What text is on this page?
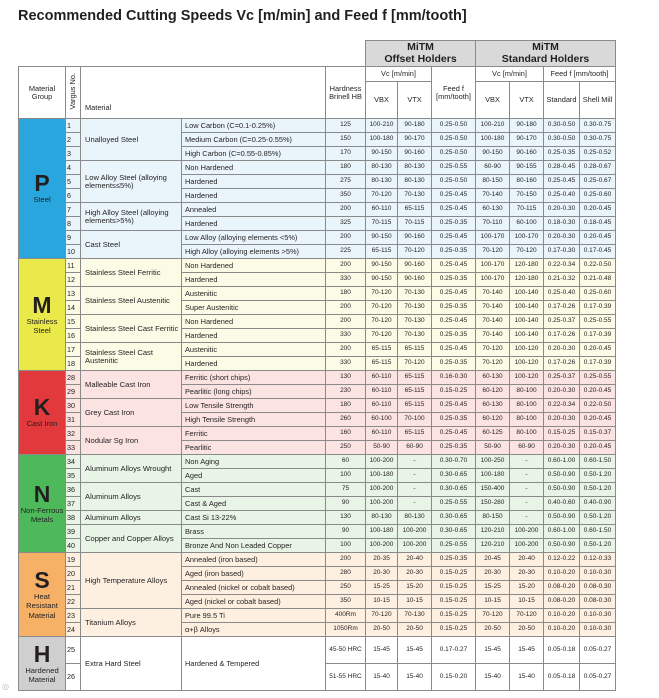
Recommended Cutting Speeds Vc [m/min] and Feed f [mm/tooth]
					MiTM
Offset Holders			MiTM
Standard Holders			
Material Group	Vargus No.	Material		Hardness Brinell HB	Vc [m/min]		Feed f
[mm/tooth]	Vc [m/min]		Feed f [mm/tooth]	
					VBX	VTX		VBX	VTX	Standard	Shell Mill

P
Steel	1	Unalloyed Steel	Low Carbon (C=0.1-0.25%)	125	100-210	90-180	0.25-0.50	100-210	90-180	0.30-0.50	0.30-0.75
	2		Medium Carbon (C=0.25-0.55%)	150	100-180	90-170	0.25-0.50	100-180	90-170	0.30-0.50	0.30-0.75
	3		High Carbon (C=0.55-0.85%)	170	90-150	90-160	0.25-0.50	90-150	90-160	0.25-0.35	0.25-0.52
	4	Low Alloy Steel (alloying elements≤5%)	Non Hardened	180	80-130	80-130	0.25-0.55	60-90	90-155	0.28-0.45	0.28-0.67
	5		Hardened	275	80-130	80-130	0.25-0.50	80-150	80-160	0.25-0.45	0.25-0.67
	6		Hardened	350	70-120	70-130	0.25-0.45	70-140	70-150	0.25-0.40	0.25-0.60
	7	High Alloy Steel (alloying elements>5%)	Annealed	200	60-110	65-115	0.25-0.45	60-130	70-115	0.20-0.30	0.20-0.45
	8		Hardened	325	70-115	70-115	0.25-0.35	70-110	60-100	0.18-0.30	0.18-0.45
	9	Cast Steel	Low Alloy (alloying elements <5%)	200	90-150	90-160	0.25-0.45	100-170	100-170	0.20-0.30	0.20-0.45
	10		High Alloy (alloying elements >5%)	225	65-115	70-120	0.25-0.35	70-120	70-120	0.17-0.30	0.17-0.45

M
Stainless Steel	11	Stainless Steel Ferritic	Non Hardened	200	90-150	90-160	0.25-0.45	100-170	120-180	0.22-0.34	0.22-0.50
	12		Hardened	330	90-150	90-160	0.25-0.35	100-170	120-180	0.21-0.32	0.21-0.48
	13	Stainless Steel Austenitic	Austenitic	180	70-120	70-130	0.25-0.45	70-140	100-140	0.25-0.40	0.25-0.60
	14		Super Austenitic	200	70-120	70-130	0.25-0.35	70-140	100-140	0.17-0.26	0.17-0.39
	15	Stainless Steel Cast Ferritic	Non Hardened	200	70-120	70-130	0.25-0.45	70-140	100-140	0.25-0.37	0.25-0.55
	16		Hardened	330	70-120	70-130	0.25-0.35	70-140	100-140	0.17-0.26	0.17-0.39
	17	Stainless Steel Cast Austenitic	Austenitic	200	65-115	65-115	0.25-0.45	70-120	100-120	0.20-0.30	0.20-0.45
	18		Hardened	330	65-115	70-120	0.25-0.35	70-120	100-120	0.17-0.26	0.17-0.39

K
Cast Iron	28	Malleable Cast Iron	Ferritic (short chips)	130	60-110	65-115	0.16-0.30	60-130	100-120	0.25-0.37	0.25-0.55
	29		Pearlitic (long chips)	230	60-110	65-115	0.15-0.25	60-120	80-100	0.20-0.30	0.20-0.45
	30	Grey Cast Iron	Low Tensile Strength	180	60-110	65-115	0.25-0.45	60-130	80-100	0.22-0.34	0.22-0.50
	31		High Tensile Strength	260	60-100	70-100	0.25-0.35	60-120	80-100	0.20-0.30	0.20-0.45
	32	Nodular Sg Iron	Ferritic	160	60-110	65-115	0.25-0.45	60-125	80-100	0.15-0.25	0.15-0.37
	33		Pearlitic	250	50-90	60-90	0.25-0.35	50-90	60-90	0.20-0.30	0.20-0.45

N
Non-Ferrous Metals	34	Aluminum Alloys Wrought	Non Aging	60	100-200	-	0.30-0.70	100-250	-	0.60-1.00	0.60-1.50
	35		Aged	100	100-180	-	0.30-0.65	100-180	-	0.50-0.90	0.50-1.20
	36	Aluminum Alloys	Cast	75	100-200	-	0.30-0.65	150-400	-	0.50-0.90	0.50-1.20
	37		Cast & Aged	90	100-200	-	0.25-0.55	150-280	-	0.40-0.60	0.40-0.90
	38	Aluminum Alloys	Cast Si 13-22%	130	80-130	80-130	0.30-0.65	80-150	-	0.50-0.90	0.50-1.20
	39	Copper and Copper Alloys	Brass	90	100-180	100-200	0.30-0.65	120-210	100-200	0.60-1.00	0.60-1.50
	40		Bronze And Non Leaded Copper	100	100-200	100-200	0.25-0.55	120-210	100-200	0.50-0.90	0.50-1.20

S
Heat Resistant Material	19	High Temperature Alloys	Annealed (iron based)	200	20-35	20-40	0.25-0.35	20-45	20-40	0.12-0.22	0.12-0.33
	20		Aged (iron based)	280	20-30	20-30	0.15-0.25	20-30	20-30	0.10-0.20	0.10-0.30
	21		Annealed (nickel or cobalt based)	250	15-25	15-20	0.15-0.25	15-25	15-20	0.08-0.20	0.08-0.30
	22		Aged (nickel or cobalt based)	350	10-15	10-15	0.15-0.25	10-15	10-15	0.08-0.20	0.08-0.30
	23	Titanium Alloys	Pure 99.5 Ti	400Rm	70-120	70-130	0.15-0.25	70-120	70-120	0.10-0.20	0.10-0.30
	24		α+β Alloys	1050Rm	20-50	20-50	0.15-0.25	20-50	20-50	0.10-0.20	0.10-0.30

H
Hardened Material	25	Extra Hard Steel	Hardened & Tempered	45-50 HRC	15-45	15-45	0.17-0.27	15-45	15-45	0.05-0.18	0.05-0.27
	26			51-55 HRC	15-40	15-40	0.15-0.20	15-40	15-40	0.05-0.18	0.05-0.27
◎
